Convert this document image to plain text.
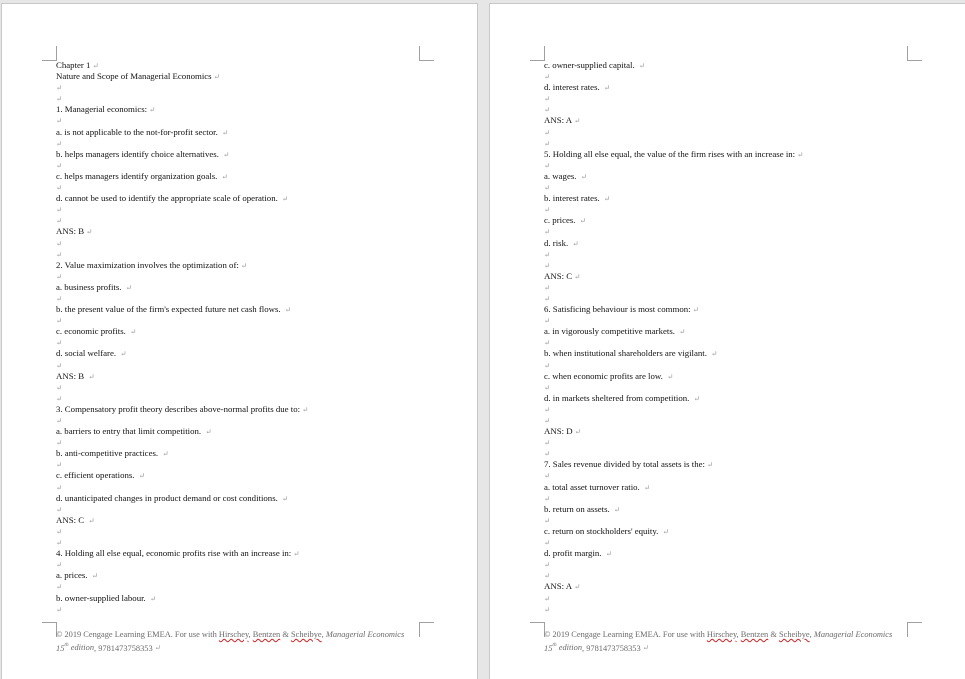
Chapter 1 ↵
Nature and Scope of Managerial Economics ↵
↵
↵
1. Managerial economics: ↵
↵
a. is not applicable to the not-for-profit sector. ↵
↵
b. helps managers identify choice alternatives. ↵
↵
c. helps managers identify organization goals. ↵
↵
d. cannot be used to identify the appropriate scale of operation. ↵
↵
↵
ANS: B ↵
↵
↵
2. Value maximization involves the optimization of: ↵
↵
a. business profits. ↵
↵
b. the present value of the firm's expected future net cash flows. ↵
↵
c. economic profits. ↵
↵
d. social welfare. ↵
↵
ANS: B ↵
↵
↵
3. Compensatory profit theory describes above-normal profits due to: ↵
↵
a. barriers to entry that limit competition. ↵
↵
b. anti-competitive practices. ↵
↵
c. efficient operations. ↵
↵
d. unanticipated changes in product demand or cost conditions. ↵
↵
ANS: C ↵
↵
↵
4. Holding all else equal, economic profits rise with an increase in: ↵
↵
a. prices. ↵
↵
b. owner-supplied labour. ↵
↵
© 2019 Cengage Learning EMEA. For use with Hirschey, Bentzen & Scheibye, Managerial Economics 15th edition, 9781473758353 ↵
c. owner-supplied capital. ↵
↵
d. interest rates. ↵
↵
↵
ANS: A ↵
↵
↵
5. Holding all else equal, the value of the firm rises with an increase in: ↵
↵
a. wages. ↵
↵
b. interest rates. ↵
↵
c. prices. ↵
↵
d. risk. ↵
↵
↵
ANS: C ↵
↵
↵
6. Satisficing behaviour is most common: ↵
↵
a. in vigorously competitive markets. ↵
↵
b. when institutional shareholders are vigilant. ↵
↵
c. when economic profits are low. ↵
↵
d. in markets sheltered from competition. ↵
↵
↵
ANS: D ↵
↵
↵
7. Sales revenue divided by total assets is the: ↵
↵
a. total asset turnover ratio. ↵
↵
b. return on assets. ↵
↵
c. return on stockholders' equity. ↵
↵
d. profit margin. ↵
↵
↵
ANS: A ↵
↵
↵
© 2019 Cengage Learning EMEA. For use with Hirschey, Bentzen & Scheibye, Managerial Economics 15th edition, 9781473758353 ↵
